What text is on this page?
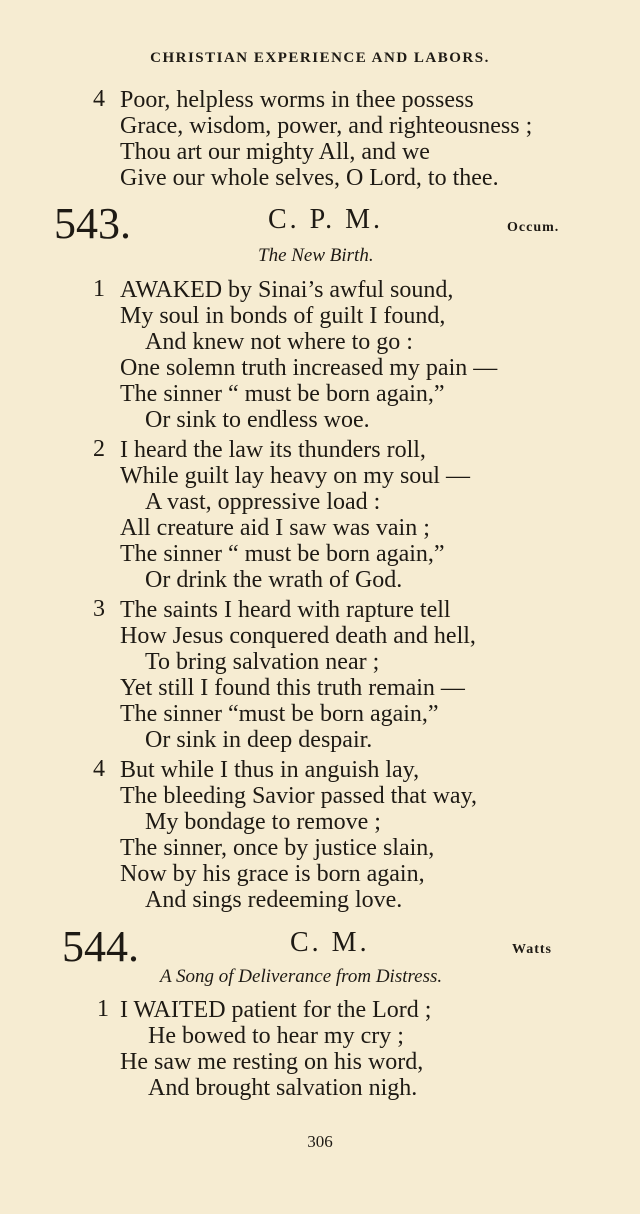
CHRISTIAN EXPERIENCE AND LABORS.
4 Poor, helpless worms in thee possess
Grace, wisdom, power, and righteousness ;
Thou art our mighty All, and we
Give our whole selves, O Lord, to thee.
543.	C. P. M.	Occum.
The New Birth.
1 AWAKED by Sinai’s awful sound,
My soul in bonds of guilt I found,
And knew not where to go :
One solemn truth increased my pain —
The sinner “ must be born again,”
Or sink to endless woe.
2 I heard the law its thunders roll,
While guilt lay heavy on my soul —
A vast, oppressive load :
All creature aid I saw was vain ;
The sinner “ must be born again,”
Or drink the wrath of God.
3 The saints I heard with rapture tell
How Jesus conquered death and hell,
To bring salvation near ;
Yet still I found this truth remain —
The sinner “must be born again,”
Or sink in deep despair.
4 But while I thus in anguish lay,
The bleeding Savior passed that way,
My bondage to remove ;
The sinner, once by justice slain,
Now by his grace is born again,
And sings redeeming love.
544.	C. M.	Watts
A Song of Deliverance from Distress.
1 I WAITED patient for the Lord ;
He bowed to hear my cry ;
He saw me resting on his word,
And brought salvation nigh.
306
